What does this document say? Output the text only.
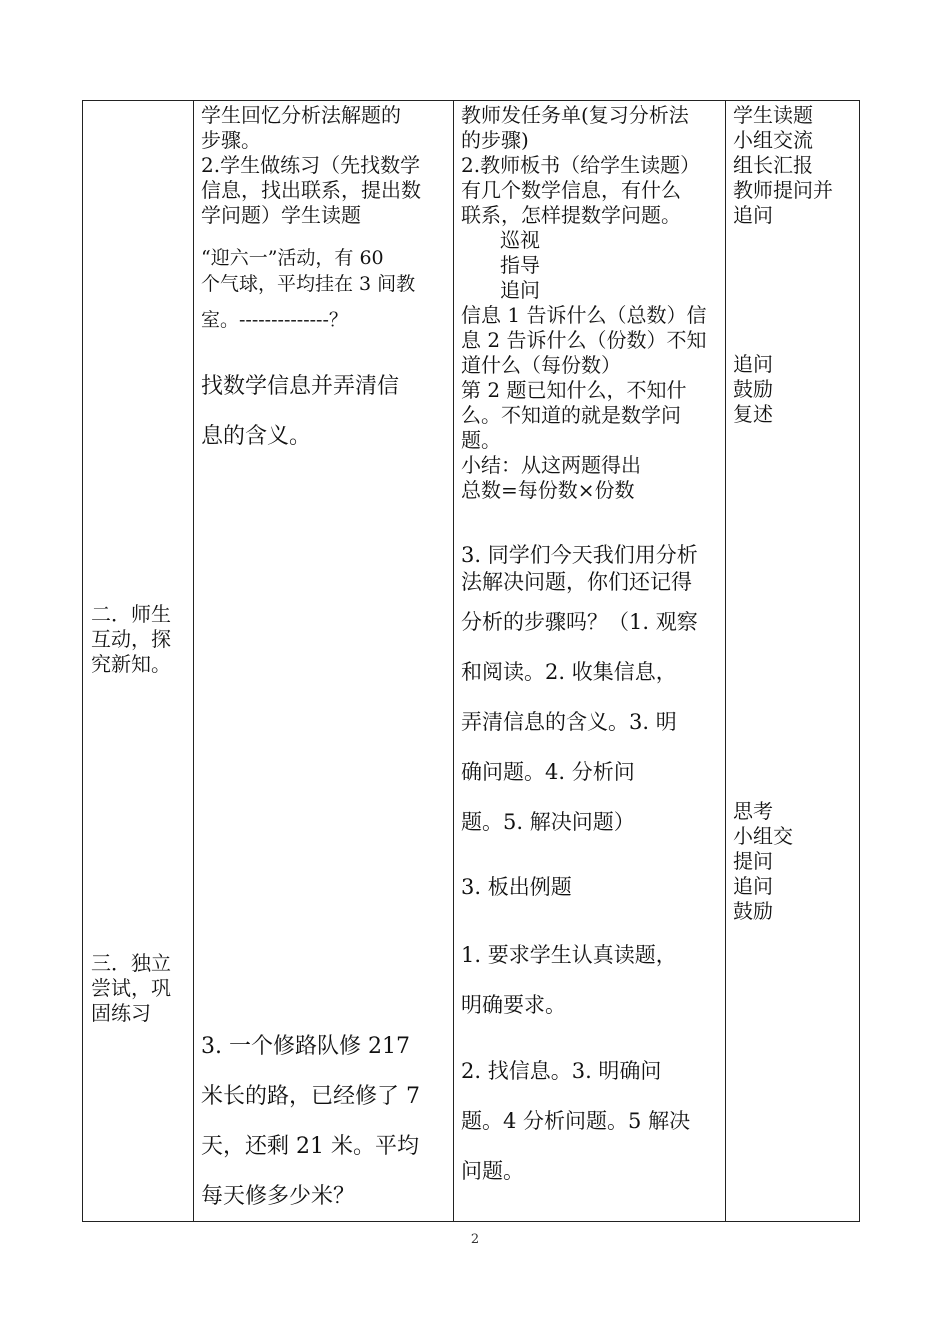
二．师生
互动，探
究新知。
三．独立
尝试，巩
固练习
学生回忆分析法解题的
步骤。
2.学生做练习（先找数学
信息，找出联系，提出数
学问题）学生读题
“迎六一”活动，有 60
个气球，平均挂在 3 间教
室。--------------？
找数学信息并弄清信
息的含义。
3. 一个修路队修 217
米长的路，已经修了 7
天，还剩 21 米。平均
每天修多少米？
教师发任务单(复习分析法
的步骤)
2.教师板书（给学生读题）
有几个数学信息，有什么
联系，怎样提数学问题。
巡视
指导
追问
信息 1 告诉什么（总数）信
息 2 告诉什么（份数）不知
道什么（每份数）
第 2 题已知什么，不知什
么。不知道的就是数学问
题。
小结：从这两题得出
总数=每份数×份数
3. 同学们今天我们用分析
法解决问题，你们还记得
分析的步骤吗？（1. 观察
和阅读。2. 收集信息，
弄清信息的含义。3. 明
确问题。4. 分析问
题。5. 解决问题）
3. 板出例题
1. 要求学生认真读题，
明确要求。
2. 找信息。3. 明确问
题。4 分析问题。5 解决
问题。
学生读题
小组交流
组长汇报
教师提问并
追问
追问
鼓励
复述
思考
小组交
提问
追问
鼓励
2
